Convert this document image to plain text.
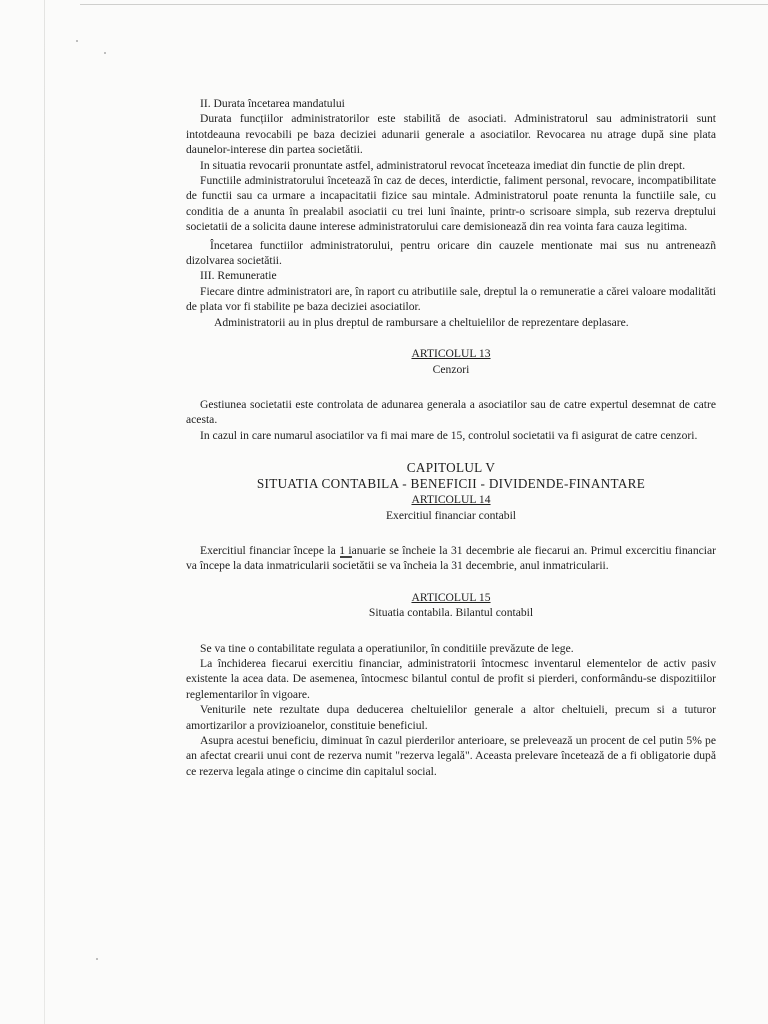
II. Durata încetarea mandatului

Durata funcțiilor administratorilor este stabilită de asociati. Administratorul sau administratorii sunt intotdeauna revocabili pe baza deciziei adunarii generale a asociatilor. Revocarea nu atrage după sine plata daunelor-interese din partea societătii.

In situatia revocarii pronuntate astfel, administratorul revocat înceteaza imediat din functie de plin drept.

Functiile administratorului încetează în caz de deces, interdictie, faliment personal, revocare, incompatibilitate de functii sau ca urmare a incapacitatii fizice sau mintale. Administratorul poate renunta la functiile sale, cu conditia de a anunta în prealabil asociatii cu trei luni înainte, printr-o scrisoare simpla, sub rezerva dreptului societatii de a solicita daune interese administratorului care demisionează din rea vointa fara cauza legitima.

Încetarea functiilor administratorului, pentru oricare din cauzele mentionate mai sus nu antreneazñ dizolvarea societătii.

III. Remuneratie

Fiecare dintre administratori are, în raport cu atributiile sale, dreptul la o remuneratie a cărei valoare modalităti de plata vor fi stabilite pe baza deciziei asociatilor.

Administratorii au in plus dreptul de rambursare a cheltuielilor de reprezentare deplasare.

ARTICOLUL 13

Cenzori

Gestiunea societatii este controlata de adunarea generala a asociatilor sau de catre expertul desemnat de catre acesta.

In cazul in care numarul asociatilor va fi mai mare de 15, controlul societatii va fi asigurat de catre cenzori.

CAPITOLUL V

SITUATIA CONTABILA - BENEFICII - DIVIDENDE-FINANTARE

ARTICOLUL 14

Exercitiul financiar contabil

Exercitiul financiar începe la 1 ianuarie se încheie la 31 decembrie ale fiecarui an. Primul excercitiu financiar va începe la data inmatricularii societătii se va încheia la 31 decembrie, anul inmatricularii.

ARTICOLUL 15

Situatia contabila. Bilantul contabil

Se va tine o contabilitate regulata a operatiunilor, în conditiile prevăzute de lege.

La închiderea fiecarui exercitiu financiar, administratorii întocmesc inventarul elementelor de activ pasiv existente la acea data. De asemenea, întocmesc bilantul contul de profit si pierderi, conformându-se dispozitiilor reglementarilor în vigoare.

Veniturile nete rezultate dupa deducerea cheltuielilor generale a altor cheltuieli, precum si a tuturor amortizarilor a provizioanelor, constituie beneficiul.

Asupra acestui beneficiu, diminuat în cazul pierderilor anterioare, se prelevează un procent de cel putin 5% pe an afectat crearii unui cont de rezerva numit "rezerva legală". Aceasta prelevare încetează de a fi obligatorie după ce rezerva legala atinge o cincime din capitalul social.
